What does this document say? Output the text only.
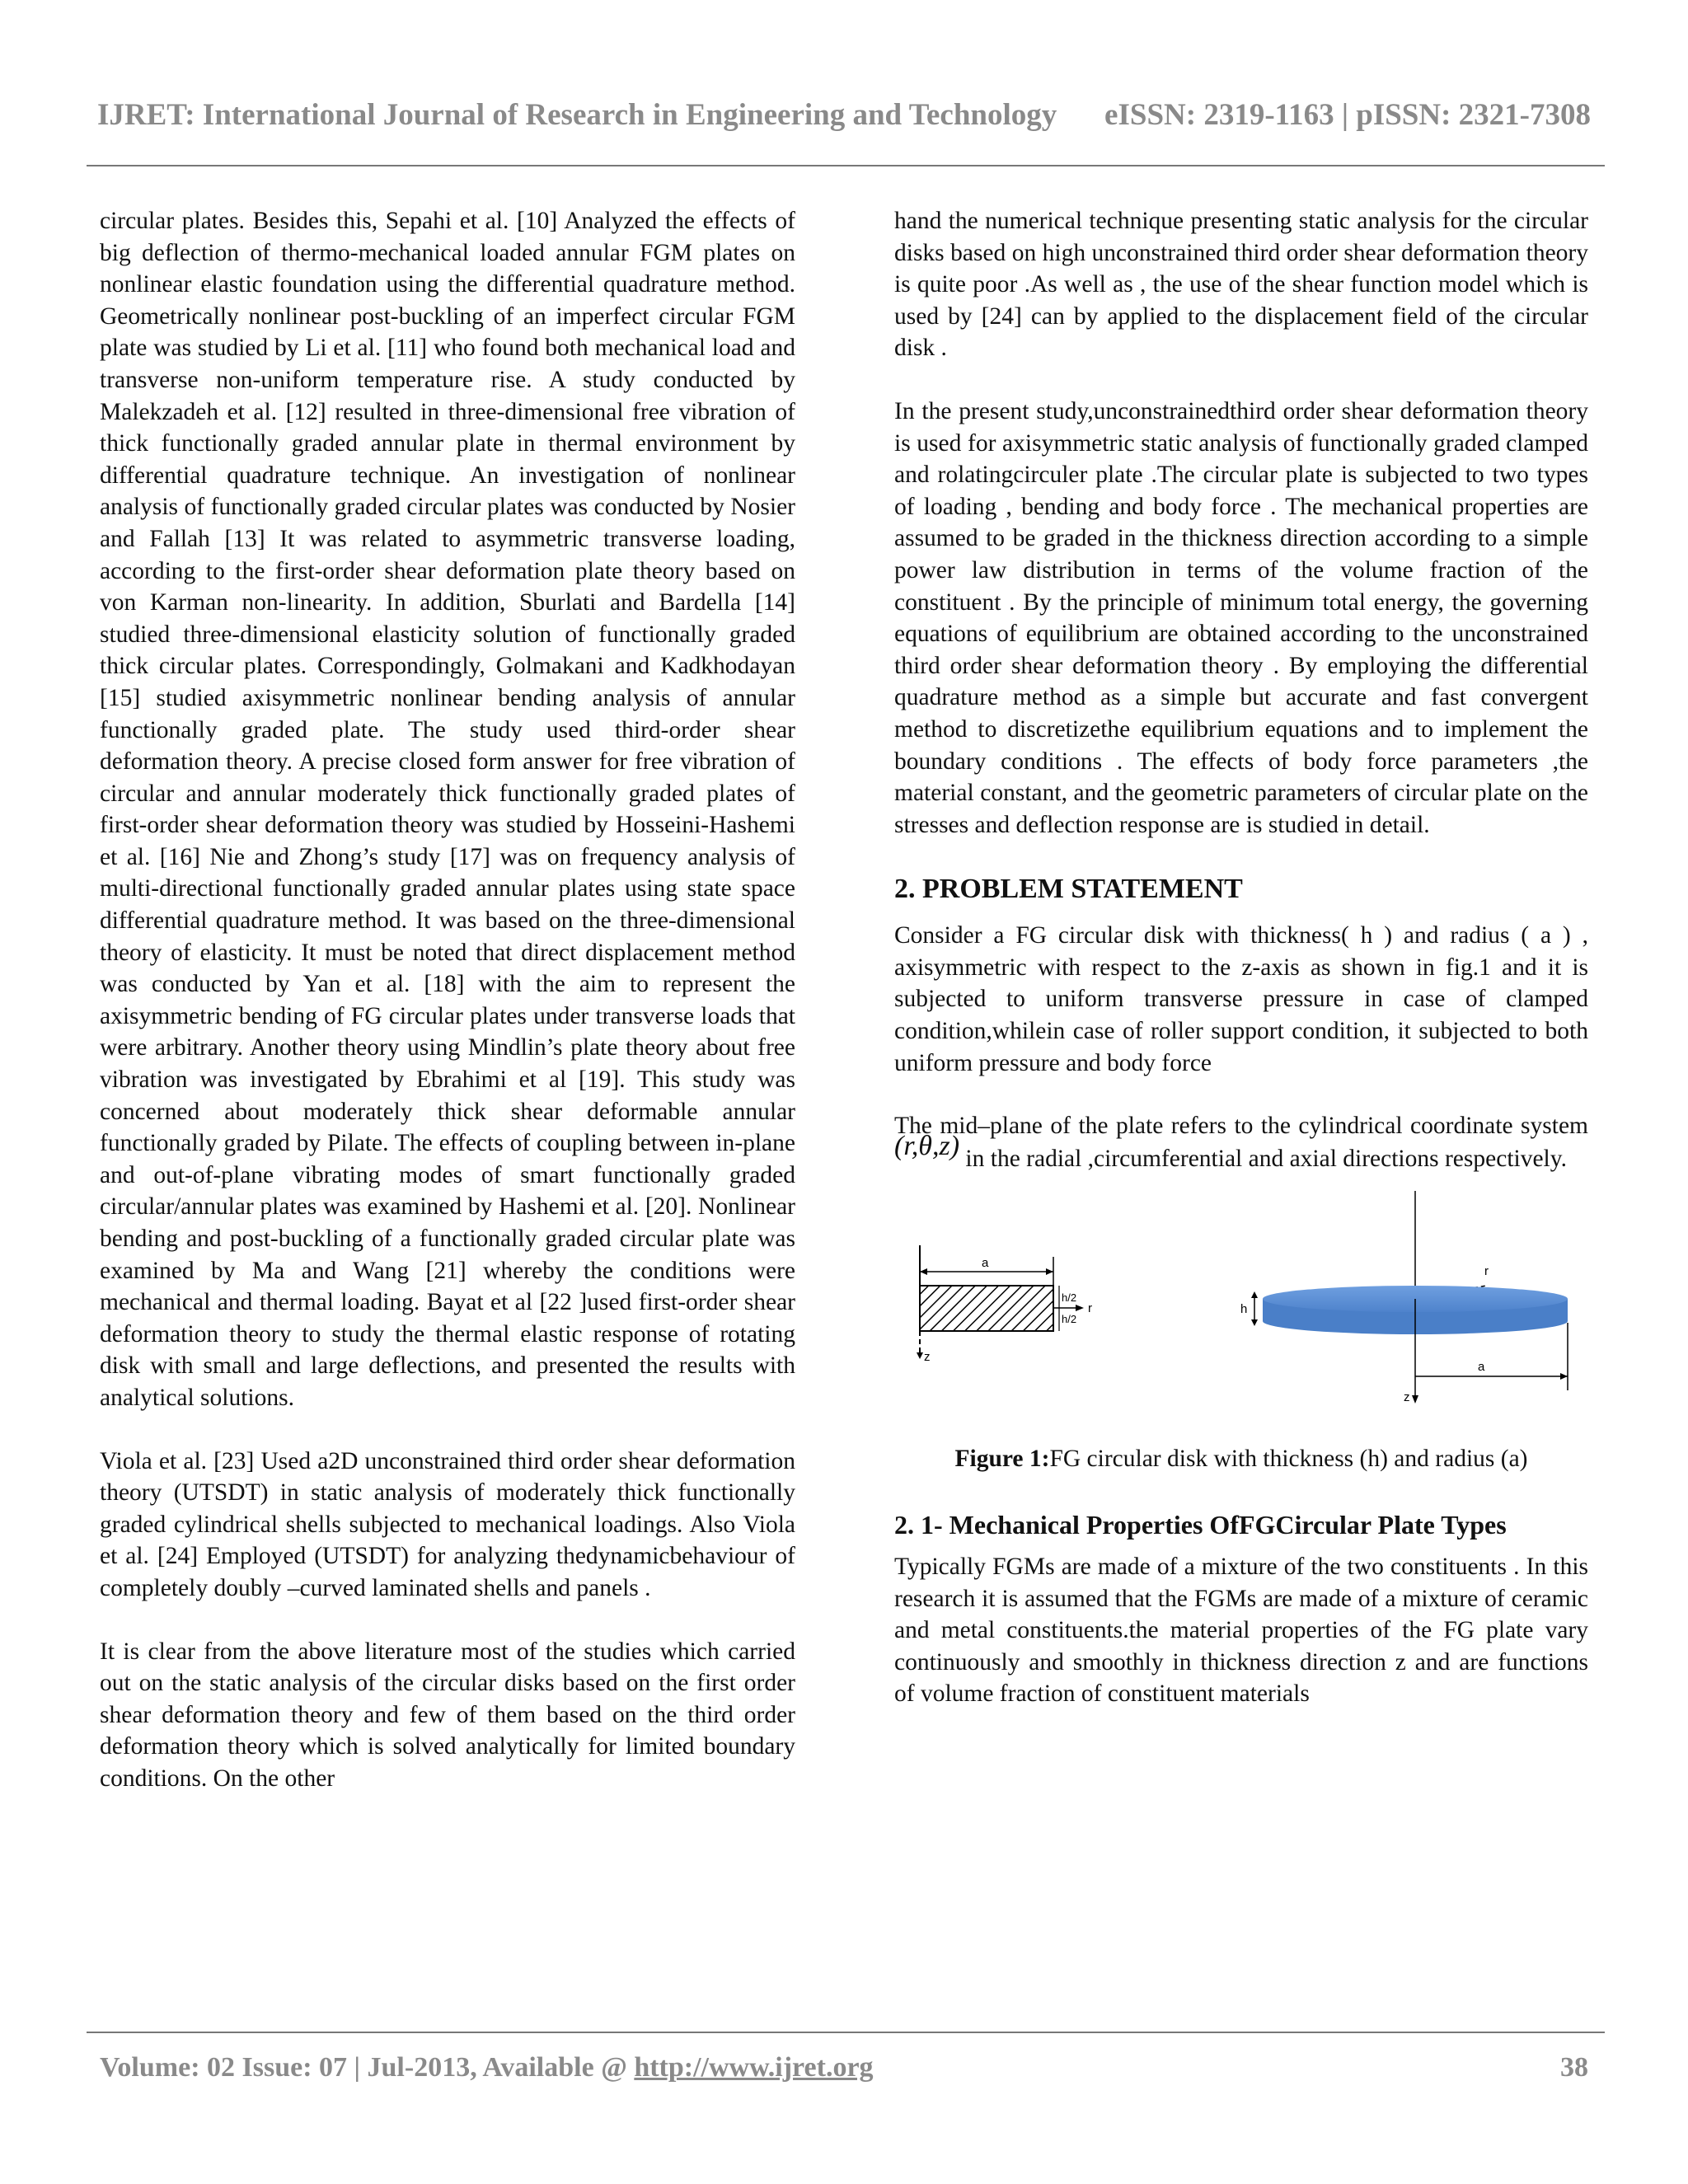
IJRET: International Journal of Research in Engineering and Technology eISSN: 2319-1163 | pISSN: 2321-7308

circular plates. Besides this, Sepahi et al. [10] Analyzed the effects of big deflection of thermo-mechanical loaded annular FGM plates on nonlinear elastic foundation using the differential quadrature method. Geometrically nonlinear post-buckling of an imperfect circular FGM plate was studied by Li et al. [11] who found both mechanical load and transverse non-uniform temperature rise. A study conducted by Malekzadeh et al. [12] resulted in three-dimensional free vibration of thick functionally graded annular plate in thermal environment by differential quadrature technique. An investigation of nonlinear analysis of functionally graded circular plates was conducted by Nosier and Fallah [13] It was related to asymmetric transverse loading, according to the first-order shear deformation plate theory based on von Karman non-linearity. In addition, Sburlati and Bardella [14] studied three-dimensional elasticity solution of functionally graded thick circular plates. Correspondingly, Golmakani and Kadkhodayan [15] studied axisymmetric nonlinear bending analysis of annular functionally graded plate. The study used third-order shear deformation theory. A precise closed form answer for free vibration of circular and annular moderately thick functionally graded plates of first-order shear deformation theory was studied by Hosseini-Hashemi et al. [16] Nie and Zhong’s study [17] was on frequency analysis of multi-directional functionally graded annular plates using state space differential quadrature method. It was based on the three-dimensional theory of elasticity. It must be noted that direct displacement method was conducted by Yan et al. [18] with the aim to represent the axisymmetric bending of FG circular plates under transverse loads that were arbitrary. Another theory using Mindlin’s plate theory about free vibration was investigated by Ebrahimi et al [19]. This study was concerned about moderately thick shear deformable annular functionally graded by Pilate. The effects of coupling between in-plane and out-of-plane vibrating modes of smart functionally graded circular/annular plates was examined by Hashemi et al. [20]. Nonlinear bending and post-buckling of a functionally graded circular plate was examined by Ma and Wang [21] whereby the conditions were mechanical and thermal loading. Bayat et al [22 ]used first-order shear deformation theory to study the thermal elastic response of rotating disk with small and large deflections, and presented the results with analytical solutions.

Viola et al. [23] Used a2D unconstrained third order shear deformation theory (UTSDT) in static analysis of moderately thick functionally graded cylindrical shells subjected to mechanical loadings. Also Viola et al. [24] Employed (UTSDT) for analyzing thedynamicbehaviour of completely doubly –curved laminated shells and panels .

It is clear from the above literature most of the studies which carried out on the static analysis of the circular disks based on the first order shear deformation theory and few of them based on the third order deformation theory which is solved analytically for limited boundary conditions. On the other

hand the numerical technique presenting static analysis for the circular disks based on high unconstrained third order shear deformation theory is quite poor .As well as , the use of the shear function model which is used by [24] can by applied to the displacement field of the circular disk .

In the present study,unconstrainedthird order shear deformation theory is used for axisymmetric static analysis of functionally graded clamped and rolatingcirculer plate .The circular plate is subjected to two types of loading , bending and body force . The mechanical properties are assumed to be graded in the thickness direction according to a simple power law distribution in terms of the volume fraction of the constituent . By the principle of minimum total energy, the governing equations of equilibrium are obtained according to the unconstrained third order shear deformation theory . By employing the differential quadrature method as a simple but accurate and fast convergent method to discretizethe equilibrium equations and to implement the boundary conditions . The effects of body force parameters ,the material constant, and the geometric parameters of circular plate on the stresses and deflection response are is studied in detail.

2. PROBLEM STATEMENT

Consider a FG circular disk with thickness( h ) and radius ( a ) , axisymmetric with respect to the z-axis as shown in fig.1 and it is subjected to uniform transverse pressure in case of clamped condition,whilein case of roller support condition, it subjected to both uniform pressure and body force

The mid–plane of the plate refers to the cylindrical coordinate system (r,θ,z) in the radial ,circumferential and axial directions respectively.

z
a
r
h/2
h/2
r
z
h
a
Figure 1:FG circular disk with thickness (h) and radius (a)
2. 1- Mechanical Properties OfFGCircular Plate Types

Typically FGMs are made of a mixture of the two constituents . In this research it is assumed that the FGMs are made of a mixture of ceramic and metal constituents.the material properties of the FG plate vary continuously and smoothly in thickness direction z and are functions of volume fraction of constituent materials

Volume: 02 Issue: 07 | Jul-2013, Available @ http://www.ijret.org	38
